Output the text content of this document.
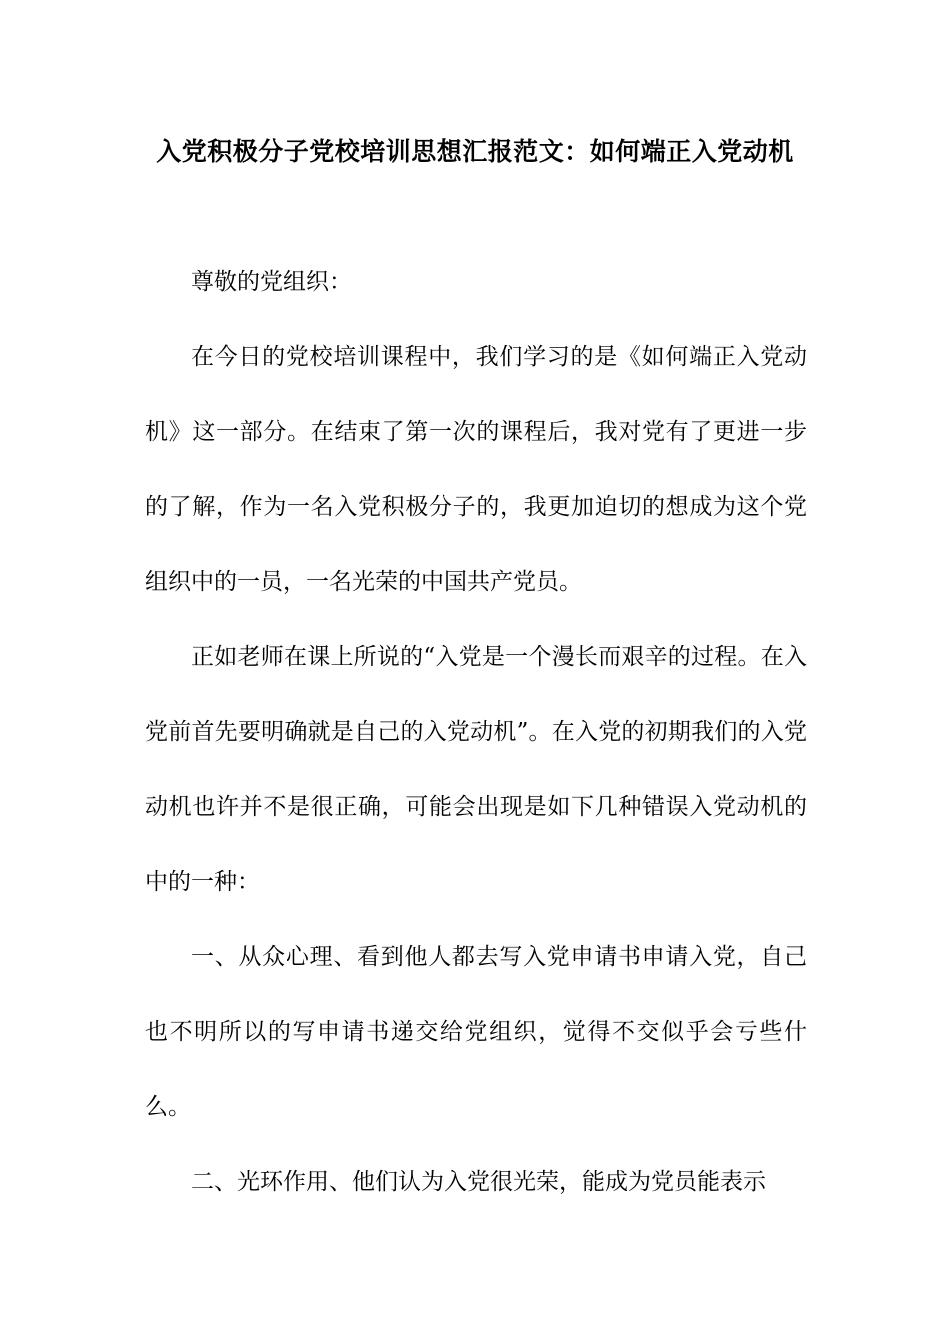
入党积极分子党校培训思想汇报范文：如何端正入党动机

尊敬的党组织：

在今日的党校培训课程中，我们学习的是《如何端正入党动机》这一部分。在结束了第一次的课程后，我对党有了更进一步的了解，作为一名入党积极分子的，我更加迫切的想成为这个党组织中的一员，一名光荣的中国共产党员。

正如老师在课上所说的“入党是一个漫长而艰辛的过程。在入党前首先要明确就是自己的入党动机”。在入党的初期我们的入党动机也许并不是很正确，可能会出现是如下几种错误入党动机的中的一种：

一、从众心理、看到他人都去写入党申请书申请入党，自己也不明所以的写申请书递交给党组织，觉得不交似乎会亏些什么。

二、光环作用、他们认为入党很光荣，能成为党员能表示
